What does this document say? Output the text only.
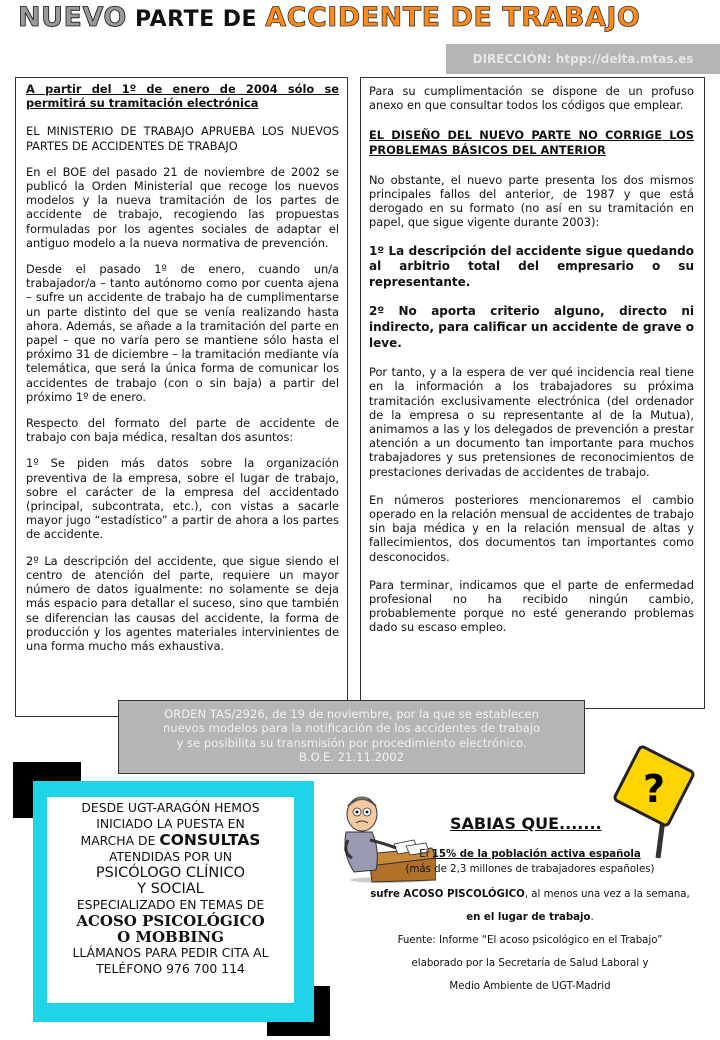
NUEVO PARTE DE ACCIDENTE DE TRABAJO
DIRECCIÓN: htpp://delta.mtas.es

A partir del 1º de enero de 2004 sólo se permitirá su tramitación electrónica

EL MINISTERIO DE TRABAJO APRUEBA LOS NUEVOS PARTES DE ACCIDENTES DE TRABAJO

En el BOE del pasado 21 de noviembre de 2002 se publicó la Orden Ministerial que recoge los nuevos modelos y la nueva tramitación de los partes de accidente de trabajo, recogiendo las propuestas formuladas por los agentes sociales de adaptar el antiguo modelo a la nueva normativa de prevención.

Desde el pasado 1º de enero, cuando un/a trabajador/a – tanto autónomo como por cuenta ajena – sufre un accidente de trabajo ha de cumplimentarse un parte distinto del que se venía realizando hasta ahora. Además, se añade a la tramitación del parte en papel – que no varía pero se mantiene sólo hasta el próximo 31 de diciembre – la tramitación mediante vía telemática, que será la única forma de comunicar los accidentes de trabajo (con o sin baja) a partir del próximo 1º de enero.

Respecto del formato del parte de accidente de trabajo con baja médica, resaltan dos asuntos:

1º Se piden más datos sobre la organización preventiva de la empresa, sobre el lugar de trabajo, sobre el carácter de la empresa del accidentado (principal, subcontrata, etc.), con vistas a sacarle mayor jugo “estadístico” a partir de ahora a los partes de accidente.

2º La descripción del accidente, que sigue siendo el centro de atención del parte, requiere un mayor número de datos igualmente: no solamente se deja más espacio para detallar el suceso, sino que también se diferencian las causas del accidente, la forma de producción y los agentes materiales intervinientes de una forma mucho más exhaustiva.

Para su cumplimentación se dispone de un profuso anexo en que consultar todos los códigos que emplear.

EL DISEÑO DEL NUEVO PARTE NO CORRIGE LOS PROBLEMAS BÁSICOS DEL ANTERIOR

No obstante, el nuevo parte presenta los dos mismos principales fallos del anterior, de 1987 y que está derogado en su formato (no así en su tramitación en papel, que sigue vigente durante 2003):

1º La descripción del accidente sigue quedando al arbitrio total del empresario o su representante.

2º No aporta criterio alguno, directo ni indirecto, para calificar un accidente de grave o leve.

Por tanto, y a la espera de ver qué incidencia real tiene en la información a los trabajadores su próxima tramitación exclusivamente electrónica (del ordenador de la empresa o su representante al de la Mutua), animamos a las y los delegados de prevención a prestar atención a un documento tan importante para muchos trabajadores y sus pretensiones de reconocimientos de prestaciones derivadas de accidentes de trabajo.

En números posteriores mencionaremos el cambio operado en la relación mensual de accidentes de trabajo sin baja médica y en la relación mensual de altas y fallecimientos, dos documentos tan importantes como desconocidos.

Para terminar, indicamos que el parte de enfermedad profesional no ha recibido ningún cambio, probablemente porque no esté generando problemas dado su escaso empleo.

ORDEN TAS/2926, de 19 de noviembre, por la que se establecen
nuevos modelos para la notificación de los accidentes de trabajo
y se posibilita su transmisión por procedimiento electrónico.
B.O.E. 21.11.2002
DESDE UGT-ARAGÓN HEMOS
INICIADO LA PUESTA EN
MARCHA DE CONSULTAS
ATENDIDAS POR UN
PSICÓLOGO CLÍNICO
Y SOCIAL
ESPECIALIZADO EN TEMAS DE
ACOSO PSICOLÓGICO
O MOBBING
LLÁMANOS PARA PEDIR CITA AL
TELÉFONO 976 700 114
?
SABIAS QUE.......
El 15% de la población activa española
(más de 2,3 millones de trabajadores españoles)
sufre ACOSO PISCOLÓGICO, al menos una vez a la semana,
en el lugar de trabajo.
Fuente: Informe “El acoso psicológico en el Trabajo”
elaborado por la Secretaría de Salud Laboral y
Medio Ambiente de UGT-Madrid
